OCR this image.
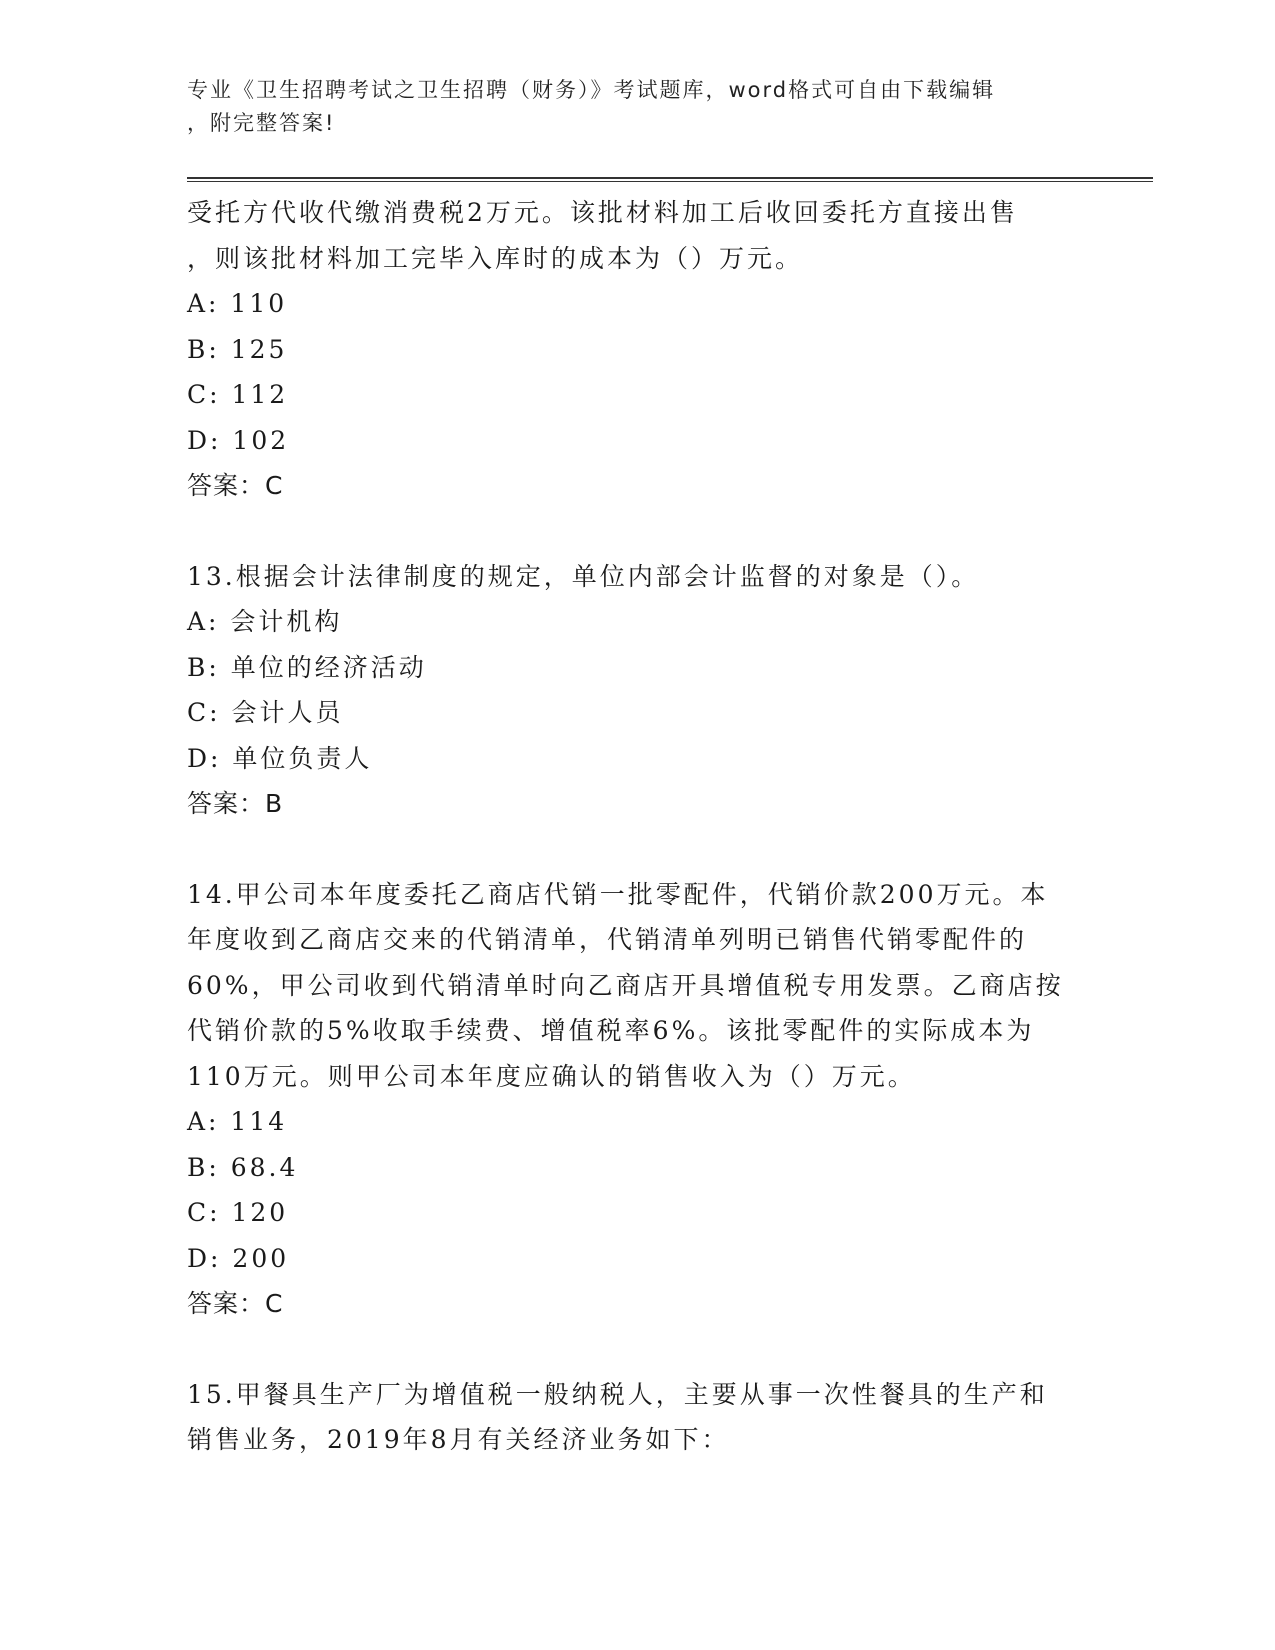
专业《卫生招聘考试之卫生招聘（财务）》考试题库，word格式可自由下载编辑
，附完整答案!
受托方代收代缴消费税2万元。该批材料加工后收回委托方直接出售
，则该批材料加工完毕入库时的成本为（）万元。
A: 110
B: 125
C: 112
D: 102
答案：C
13.根据会计法律制度的规定，单位内部会计监督的对象是（）。
A: 会计机构
B: 单位的经济活动
C: 会计人员
D: 单位负责人
答案：B
14.甲公司本年度委托乙商店代销一批零配件，代销价款200万元。本
年度收到乙商店交来的代销清单，代销清单列明已销售代销零配件的
60%，甲公司收到代销清单时向乙商店开具增值税专用发票。乙商店按
代销价款的5%收取手续费、增值税率6%。该批零配件的实际成本为
110万元。则甲公司本年度应确认的销售收入为（）万元。
A: 114
B: 68.4
C: 120
D: 200
答案：C
15.甲餐具生产厂为增值税一般纳税人，主要从事一次性餐具的生产和
销售业务，2019年8月有关经济业务如下：
